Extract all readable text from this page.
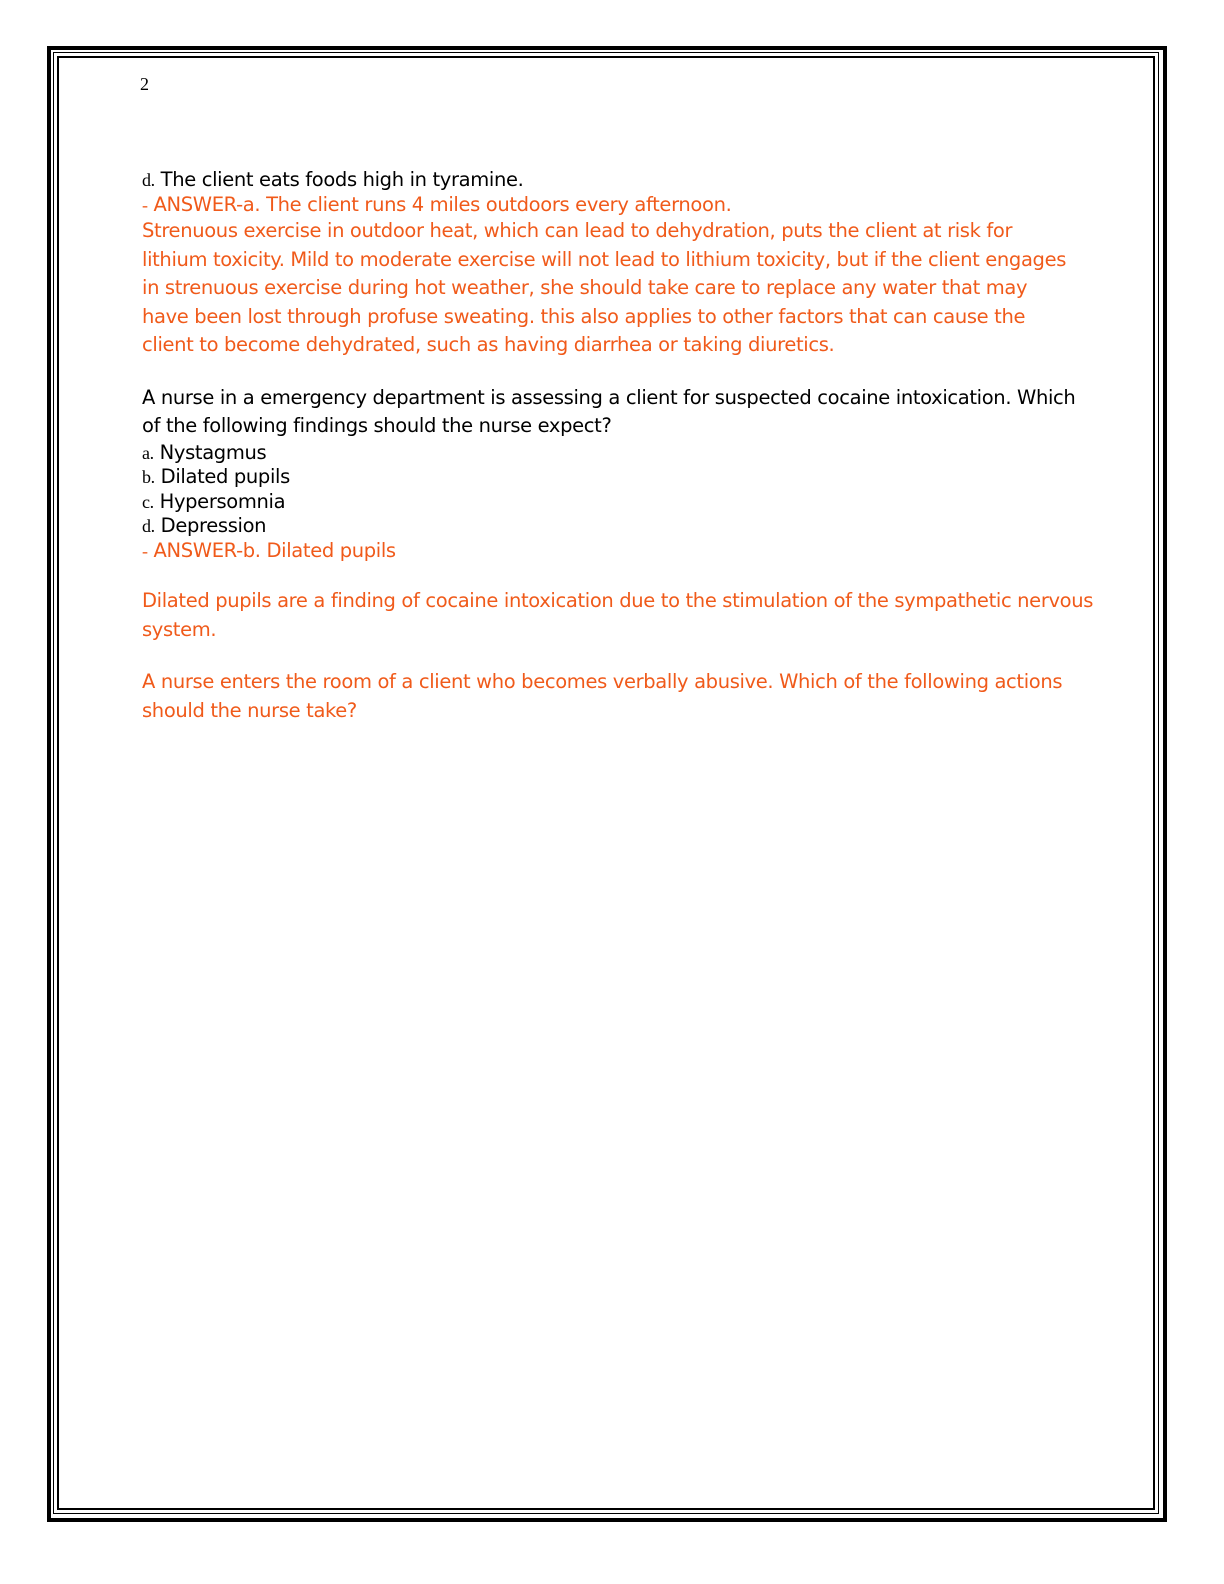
2
d. The client eats foods high in tyramine.
- ANSWER-a. The client runs 4 miles outdoors every afternoon.
Strenuous exercise in outdoor heat, which can lead to dehydration, puts the client at risk for
lithium toxicity. Mild to moderate exercise will not lead to lithium toxicity, but if the client engages
in strenuous exercise during hot weather, she should take care to replace any water that may
have been lost through profuse sweating. this also applies to other factors that can cause the
client to become dehydrated, such as having diarrhea or taking diuretics.
A nurse in a emergency department is assessing a client for suspected cocaine intoxication. Which
of the following findings should the nurse expect?
a. Nystagmus
b. Dilated pupils
c. Hypersomnia
d. Depression
- ANSWER-b. Dilated pupils
Dilated pupils are a finding of cocaine intoxication due to the stimulation of the sympathetic nervous
system.
A nurse enters the room of a client who becomes verbally abusive. Which of the following actions
should the nurse take?
